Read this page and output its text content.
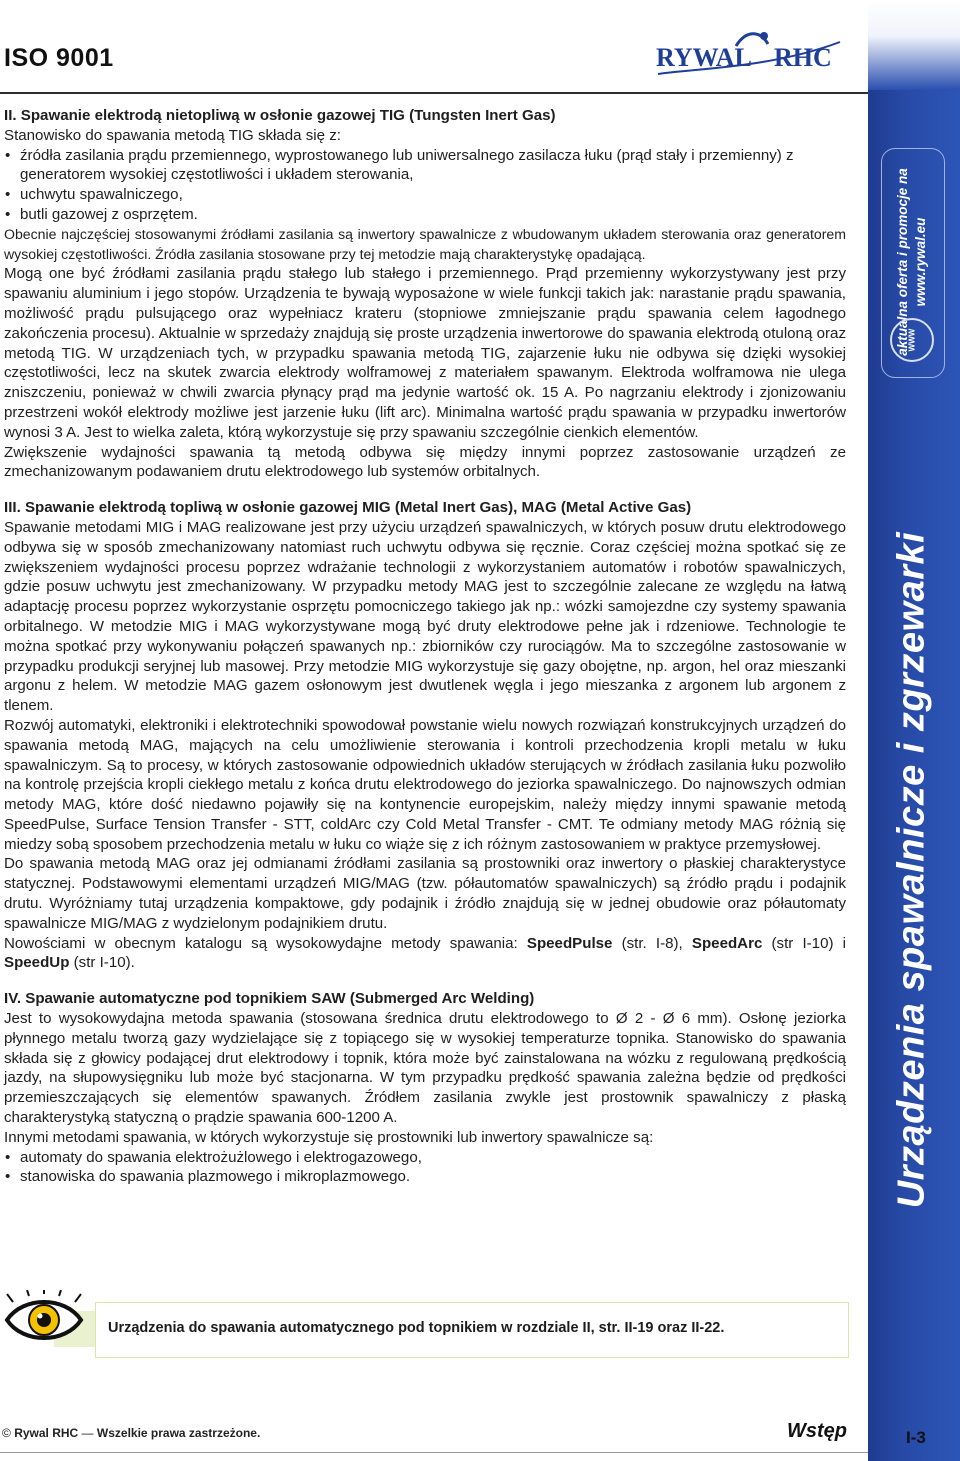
ISO 9001	RYWAL RHC

II. Spawanie elektrodą nietopliwą w osłonie gazowej TIG (Tungsten Inert Gas)

Stanowisko do spawania metodą TIG składa się z:

• źródła zasilania prądu przemiennego, wyprostowanego lub uniwersalnego zasilacza łuku (prąd stały i przemienny) z generatorem wysokiej częstotliwości i układem sterowania,
• uchwytu spawalniczego,
• butli gazowej z osprzętem.

Obecnie najczęściej stosowanymi źródłami zasilania są inwertory spawalnicze z wbudowanym układem sterowania oraz generatorem wysokiej częstotliwości. Źródła zasilania stosowane przy tej metodzie mają charakterystykę opadającą.

Mogą one być źródłami zasilania prądu stałego lub stałego i przemiennego. Prąd przemienny wykorzystywany jest przy spawaniu aluminium i jego stopów. Urządzenia te bywają wyposażone w wiele funkcji takich jak: narastanie prądu spawania, możliwość prądu pulsującego oraz wypełniacz krateru (stopniowe zmniejszanie prądu spawania celem łagodnego zakończenia procesu). Aktualnie w sprzedaży znajdują się proste urządzenia inwertorowe do spawania elektrodą otuloną oraz metodą TIG. W urządzeniach tych, w przypadku spawania metodą TIG, zajarzenie łuku nie odbywa się dzięki wysokiej częstotliwości, lecz na skutek zwarcia elektrody wolframowej z materiałem spawanym. Elektroda wolframowa nie ulega zniszczeniu, ponieważ w chwili zwarcia płynący prąd ma jedynie wartość ok. 15 A. Po nagrzaniu elektrody i zjonizowaniu przestrzeni wokół elektrody możliwe jest jarzenie łuku (lift arc). Minimalna wartość prądu spawania w przypadku inwertorów wynosi 3 A. Jest to wielka zaleta, którą wykorzystuje się przy spawaniu szczególnie cienkich elementów.

Zwiększenie wydajności spawania tą metodą odbywa się między innymi poprzez zastosowanie urządzeń ze zmechanizowanym podawaniem drutu elektrodowego lub systemów orbitalnych.

III. Spawanie elektrodą topliwą w osłonie gazowej MIG (Metal Inert Gas), MAG (Metal Active Gas)

Spawanie metodami MIG i MAG realizowane jest przy użyciu urządzeń spawalniczych, w których posuw drutu elektrodowego odbywa się w sposób zmechanizowany natomiast ruch uchwytu odbywa się ręcznie. Coraz częściej można spotkać się ze zwiększeniem wydajności procesu poprzez wdrażanie technologii z wykorzystaniem automatów i robotów spawalniczych, gdzie posuw uchwytu jest zmechanizowany. W przypadku metody MAG jest to szczególnie zalecane ze względu na łatwą adaptację procesu poprzez wykorzystanie osprzętu pomocniczego takiego jak np.: wózki samojezdne czy systemy spawania orbitalnego. W metodzie MIG i MAG wykorzystywane mogą być druty elektrodowe pełne jak i rdzeniowe. Technologie te można spotkać przy wykonywaniu połączeń spawanych np.: zbiorników czy rurociągów. Ma to szczególne zastosowanie w przypadku produkcji seryjnej lub masowej. Przy metodzie MIG wykorzystuje się gazy obojętne, np. argon, hel oraz mieszanki argonu z helem. W metodzie MAG gazem osłonowym jest dwutlenek węgla i jego mieszanka z argonem lub argonem z tlenem.

Rozwój automatyki, elektroniki i elektrotechniki spowodował powstanie wielu nowych rozwiązań konstrukcyjnych urządzeń do spawania metodą MAG, mających na celu umożliwienie sterowania i kontroli przechodzenia kropli metalu w łuku spawalniczym. Są to procesy, w których zastosowanie odpowiednich układów sterujących w źródłach zasilania łuku pozwoliło na kontrolę przejścia kropli ciekłego metalu z końca drutu elektrodowego do jeziorka spawalniczego. Do najnowszych odmian metody MAG, które dość niedawno pojawiły się na kontynencie europejskim, należy między innymi spawanie metodą SpeedPulse, Surface Tension Transfer - STT, coldArc czy Cold Metal Transfer - CMT. Te odmiany metody MAG różnią się miedzy sobą sposobem przechodzenia metalu w łuku co wiąże się z ich różnym zastosowaniem w praktyce przemysłowej.

Do spawania metodą MAG oraz jej odmianami źródłami zasilania są prostowniki oraz inwertory o płaskiej charakterystyce statycznej. Podstawowymi elementami urządzeń MIG/MAG (tzw. półautomatów spawalniczych) są źródło prądu i podajnik drutu. Wyróżniamy tutaj urządzenia kompaktowe, gdy podajnik i źródło znajdują się w jednej obudowie oraz półautomaty spawalnicze MIG/MAG z wydzielonym podajnikiem drutu.

Nowościami w obecnym katalogu są wysokowydajne metody spawania: SpeedPulse (str. I-8), SpeedArc (str I-10) i SpeedUp (str I-10).

IV. Spawanie automatyczne pod topnikiem SAW (Submerged Arc Welding)

Jest to wysokowydajna metoda spawania (stosowana średnica drutu elektrodowego to Ø 2 - Ø 6 mm). Osłonę jeziorka płynnego metalu tworzą gazy wydzielające się z topiącego się w wysokiej temperaturze topnika. Stanowisko do spawania składa się z głowicy podającej drut elektrodowy i topnik, która może być zainstalowana na wózku z regulowaną prędkością jazdy, na słupowysięgniku lub może być stacjonarna. W tym przypadku prędkość spawania zależna będzie od prędkości przemieszczających się elementów spawanych. Źródłem zasilania zwykle jest prostownik spawalniczy z płaską charakterystyką statyczną o prądzie spawania 600-1200 A.

Innymi metodami spawania, w których wykorzystuje się prostowniki lub inwertory spawalnicze są:

• automaty do spawania elektrożużlowego i elektrogazowego,
• stanowiska do spawania plazmowego i mikroplazmowego.
aktualna oferta i promocje na www.rywal.eu
WWW
Urządzenia spawalnicze i zgrzewarki
Urządzenia do spawania automatycznego pod topnikiem w rozdziale II, str. II-19 oraz II-22.
© Rywal RHC — Wszelkie prawa zastrzeżone.	Wstęp	I-3
